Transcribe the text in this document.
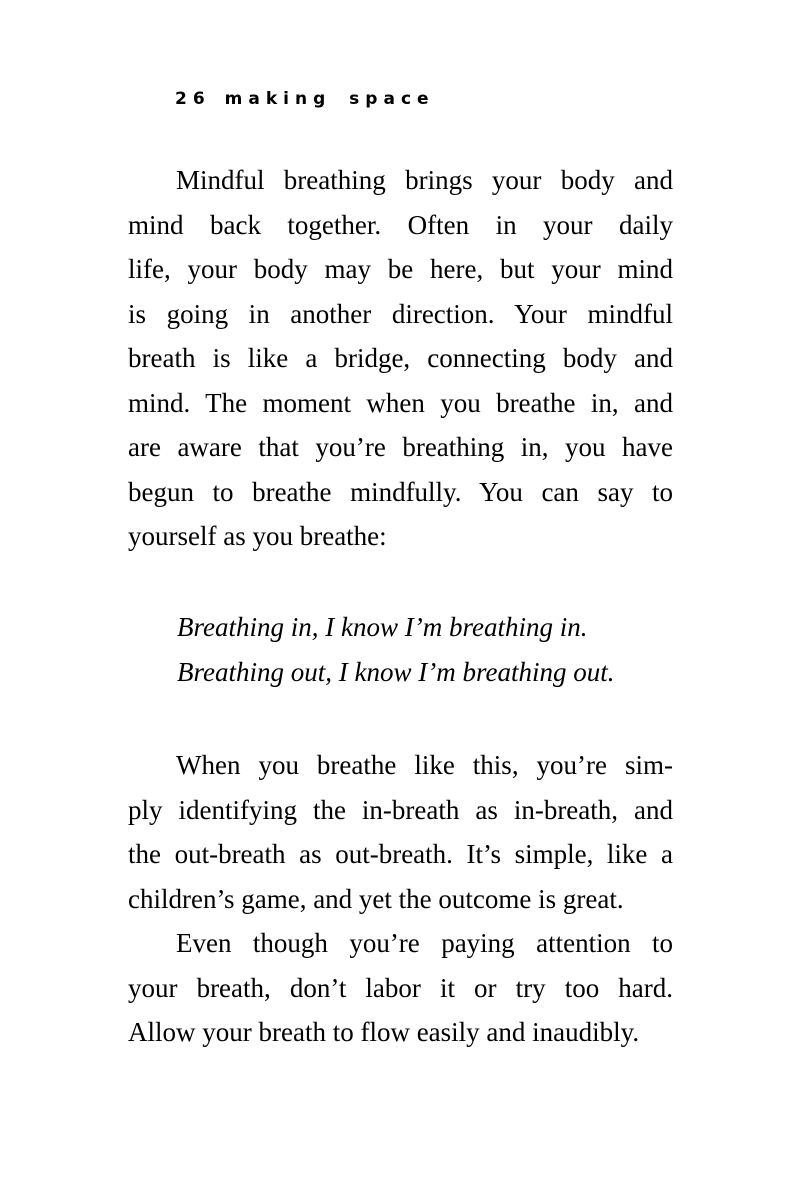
26 making space
Mindful breathing brings your body and
mind back together. Often in your daily
life, your body may be here, but your mind
is going in another direction. Your mindful
breath is like a bridge, connecting body and
mind. The moment when you breathe in, and
are aware that you’re breathing in, you have
begun to breathe mindfully. You can say to
yourself as you breathe:
Breathing in, I know I’m breathing in.
Breathing out, I know I’m breathing out.
When you breathe like this, you’re sim-
ply identifying the in-breath as in-breath, and
the out-breath as out-breath. It’s simple, like a
children’s game, and yet the outcome is great.
Even though you’re paying attention to
your breath, don’t labor it or try too hard.
Allow your breath to flow easily and inaudibly.
